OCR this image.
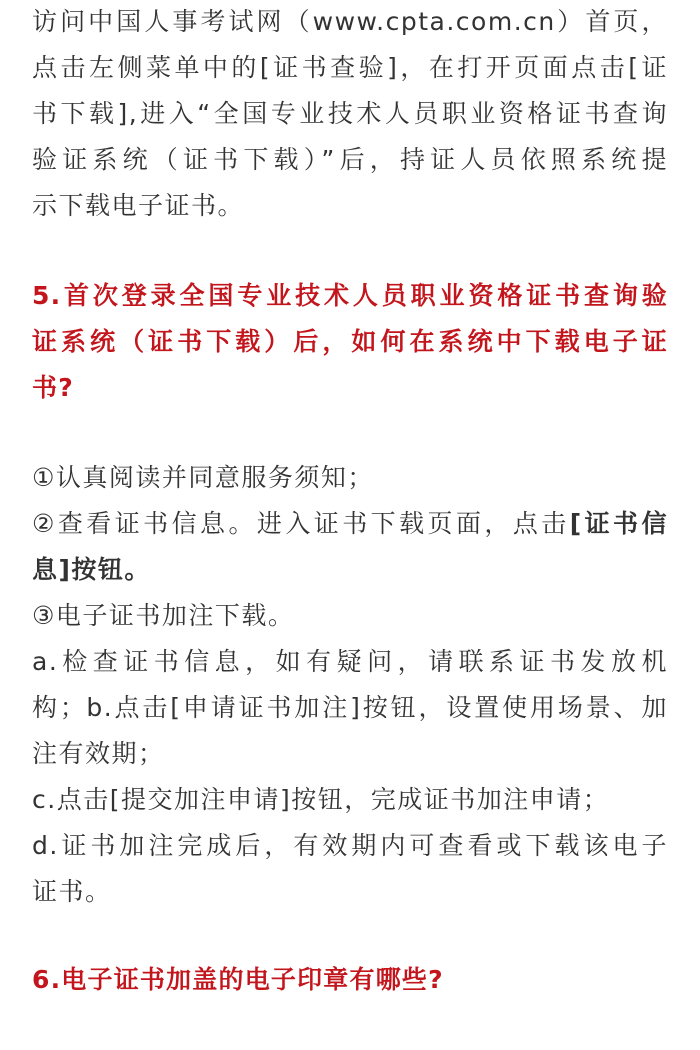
访问中国人事考试网（www.cpta.com.cn）首页，
点击左侧菜单中的[证书查验]，在打开页面点击[证
书下载],进入“全国专业技术人员职业资格证书查询
验证系统（证书下载）”后，持证人员依照系统提
示下载电子证书。
5.首次登录全国专业技术人员职业资格证书查询验
证系统（证书下载）后，如何在系统中下载电子证
书?
①认真阅读并同意服务须知；
②查看证书信息。进入证书下载页面，点击[证书信
息]按钮。
③电子证书加注下载。
a.检查证书信息，如有疑问，请联系证书发放机
构；b.点击[申请证书加注]按钮，设置使用场景、加
注有效期；
c.点击[提交加注申请]按钮，完成证书加注申请；
d.证书加注完成后，有效期内可查看或下载该电子
证书。
6.电子证书加盖的电子印章有哪些?
